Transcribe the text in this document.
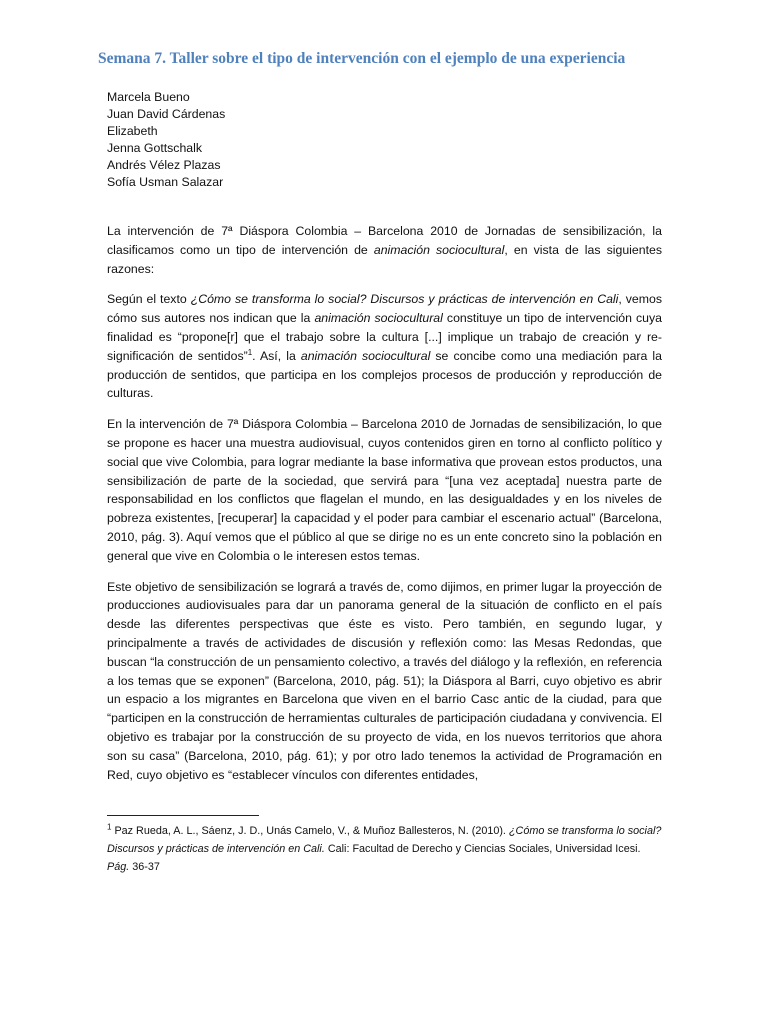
Semana 7. Taller sobre el tipo de intervención con el ejemplo de una experiencia
Marcela Bueno
Juan David Cárdenas
Elizabeth
Jenna Gottschalk
Andrés Vélez Plazas
Sofía Usman Salazar

La intervención de 7ª Diáspora Colombia – Barcelona 2010 de Jornadas de sensibilización, la clasificamos como un tipo de intervención de animación sociocultural, en vista de las siguientes razones:

Según el texto ¿Cómo se transforma lo social? Discursos y prácticas de intervención en Cali, vemos cómo sus autores nos indican que la animación sociocultural constituye un tipo de intervención cuya finalidad es “propone[r] que el trabajo sobre la cultura [...] implique un trabajo de creación y re-significación de sentidos”$^1$. Así, la animación sociocultural se concibe como una mediación para la producción de sentidos, que participa en los complejos procesos de producción y reproducción de culturas.

En la intervención de 7ª Diáspora Colombia – Barcelona 2010 de Jornadas de sensibilización, lo que se propone es hacer una muestra audiovisual, cuyos contenidos giren en torno al conflicto político y social que vive Colombia, para lograr mediante la base informativa que provean estos productos, una sensibilización de parte de la sociedad, que servirá para “[una vez aceptada] nuestra parte de responsabilidad en los conflictos que flagelan el mundo, en las desigualdades y en los niveles de pobreza existentes, [recuperar] la capacidad y el poder para cambiar el escenario actual” (Barcelona, 2010, pág. 3). Aquí vemos que el público al que se dirige no es un ente concreto sino la población en general que vive en Colombia o le interesen estos temas.

Este objetivo de sensibilización se logrará a través de, como dijimos, en primer lugar la proyección de producciones audiovisuales para dar un panorama general de la situación de conflicto en el país desde las diferentes perspectivas que éste es visto. Pero también, en segundo lugar, y principalmente a través de actividades de discusión y reflexión como: las Mesas Redondas, que buscan “la construcción de un pensamiento colectivo, a través del diálogo y la reflexión, en referencia a los temas que se exponen” (Barcelona, 2010, pág. 51); la Diáspora al Barri, cuyo objetivo es abrir un espacio a los migrantes en Barcelona que viven en el barrio Casc antic de la ciudad, para que “participen en la construcción de herramientas culturales de participación ciudadana y convivencia. El objetivo es trabajar por la construcción de su proyecto de vida, en los nuevos territorios que ahora son su casa” (Barcelona, 2010, pág. 61); y por otro lado tenemos la actividad de Programación en Red, cuyo objetivo es “establecer vínculos con diferentes entidades,

$^1$ Paz Rueda, A. L., Sáenz, J. D., Unás Camelo, V., & Muñoz Ballesteros, N. (2010). ¿Cómo se transforma lo social? Discursos y prácticas de intervención en Cali. Cali: Facultad de Derecho y Ciencias Sociales, Universidad Icesi. Pág. 36-37
